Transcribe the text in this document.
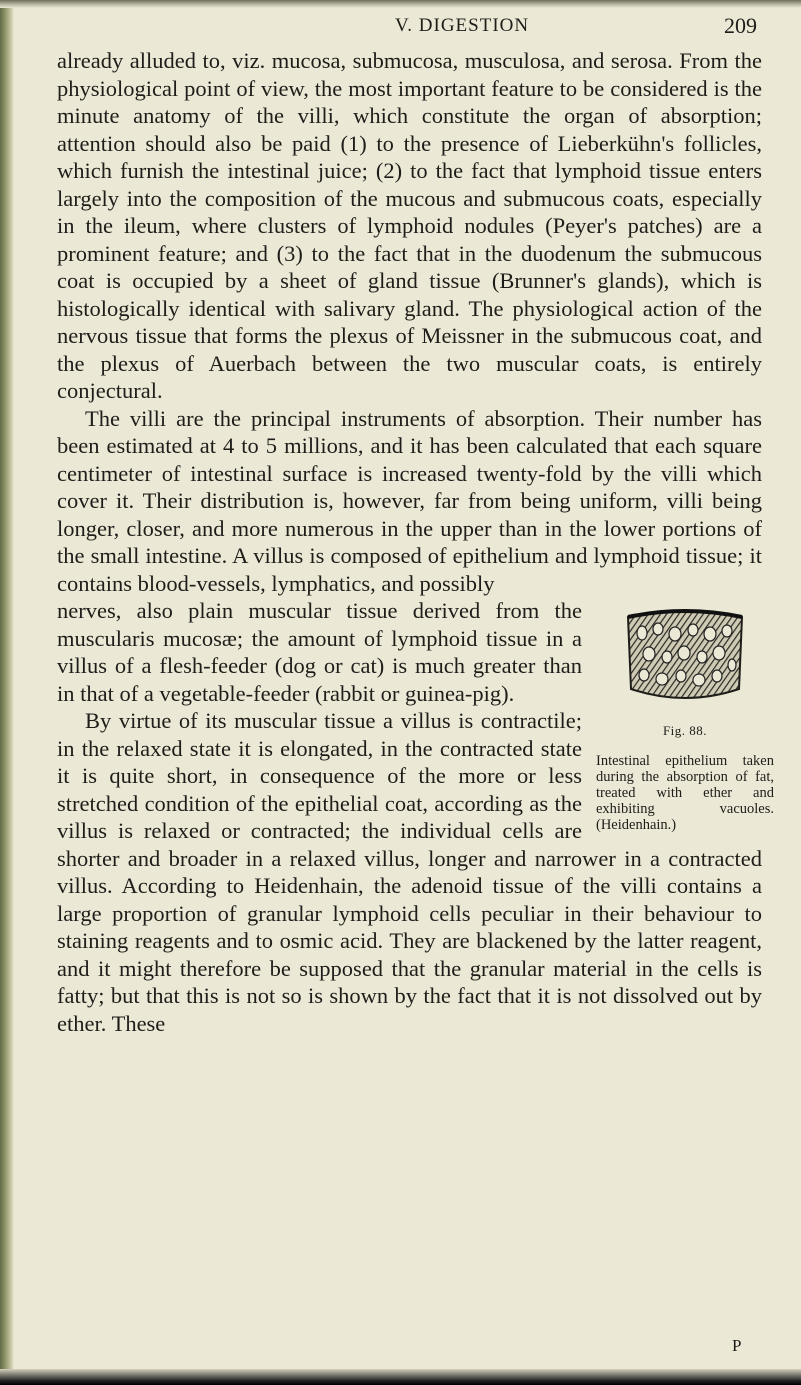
V. DIGESTION	209

already alluded to, viz. mucosa, submucosa, musculosa, and serosa. From the physiological point of view, the most important feature to be considered is the minute anatomy of the villi, which constitute the organ of absorption; attention should also be paid (1) to the presence of Lieberkühn's follicles, which furnish the intestinal juice; (2) to the fact that lymphoid tissue enters largely into the composition of the mucous and submucous coats, especially in the ileum, where clusters of lymphoid nodules (Peyer's patches) are a prominent feature; and (3) to the fact that in the duodenum the submucous coat is occupied by a sheet of gland tissue (Brunner's glands), which is histologically identical with salivary gland. The physiological action of the nervous tissue that forms the plexus of Meissner in the submucous coat, and the plexus of Auerbach between the two muscular coats, is entirely conjectural.

The villi are the principal instruments of absorption. Their number has been estimated at 4 to 5 millions, and it has been calculated that each square centimeter of intestinal surface is increased twenty-fold by the villi which cover it. Their distribution is, however, far from being uniform, villi being longer, closer, and more numerous in the upper than in the lower portions of the small intestine. A villus is composed of epithelium and lymphoid tissue; it contains blood-vessels, lymphatics, and possibly

Fig. 88.
Intestinal epithelium taken during the absorption of fat, treated with ether and exhibiting vacuoles. (Heidenhain.)

nerves, also plain muscular tissue derived from the muscularis mucosæ; the amount of lymphoid tissue in a villus of a flesh-feeder (dog or cat) is much greater than in that of a vegetable-feeder (rabbit or guinea-pig).

By virtue of its muscular tissue a villus is contractile; in the relaxed state it is elongated, in the contracted state it is quite short, in consequence of the more or less stretched condition of the epithelial coat, according as the villus is relaxed or contracted; the individual cells are shorter and broader in a relaxed villus, longer and narrower in a contracted villus. According to Heidenhain, the adenoid tissue of the villi contains a large proportion of granular lymphoid cells peculiar in their behaviour to staining reagents and to osmic acid. They are blackened by the latter reagent, and it might therefore be supposed that the granular material in the cells is fatty; but that this is not so is shown by the fact that it is not dissolved out by ether. These

P
